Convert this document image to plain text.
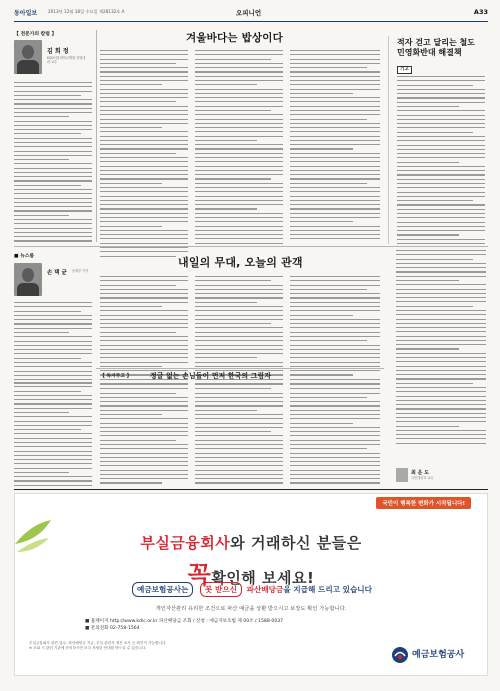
동아일보	2013년 12월 18일 수요일 제28132호 A	오피니언	A33
【 전문가의 칼럼 】
김 희 정
KSD서울대학교병원 감염내과 교수
겨울바다는 밥상이다	적자 걷고 달리는 철도
민영화반대 해결책
기고
■ 뉴스룸
손 택 균 문화부 기자
내일의 무대, 오늘의 관객
【 독자투고 】	정글 없는 손님들이 먼저 한국의 그림자
최 운 도
국민대학교 교수
국민이 행복한 변화가 시작됩니다!
부실금융회사와 거래하신 분들은
꼭확인해 보세요!
예금보험공사는 못 받으신 파산배당금을 지급해 드리고 있습니다
개인자산관리 유리한 조건으로 파산 예금을 상환 받으시고 보장도 확인 가능합니다.
■ 홈페이지 http://www.kdic.or.kr 파산배당금 조회 / 신청 : 예금자보호법 제 00조 / 1588-0037
■ 문의전화 02-758-1564
부실금융회사 관련 업무: 파산배당금 지급, 부실 관련자 재산 조사 등 확인이 가능합니다.
※ 조회 시 관련 기관에 문의하시면 보다 자세한 안내를 받으실 수 있습니다.
예금보험공사
